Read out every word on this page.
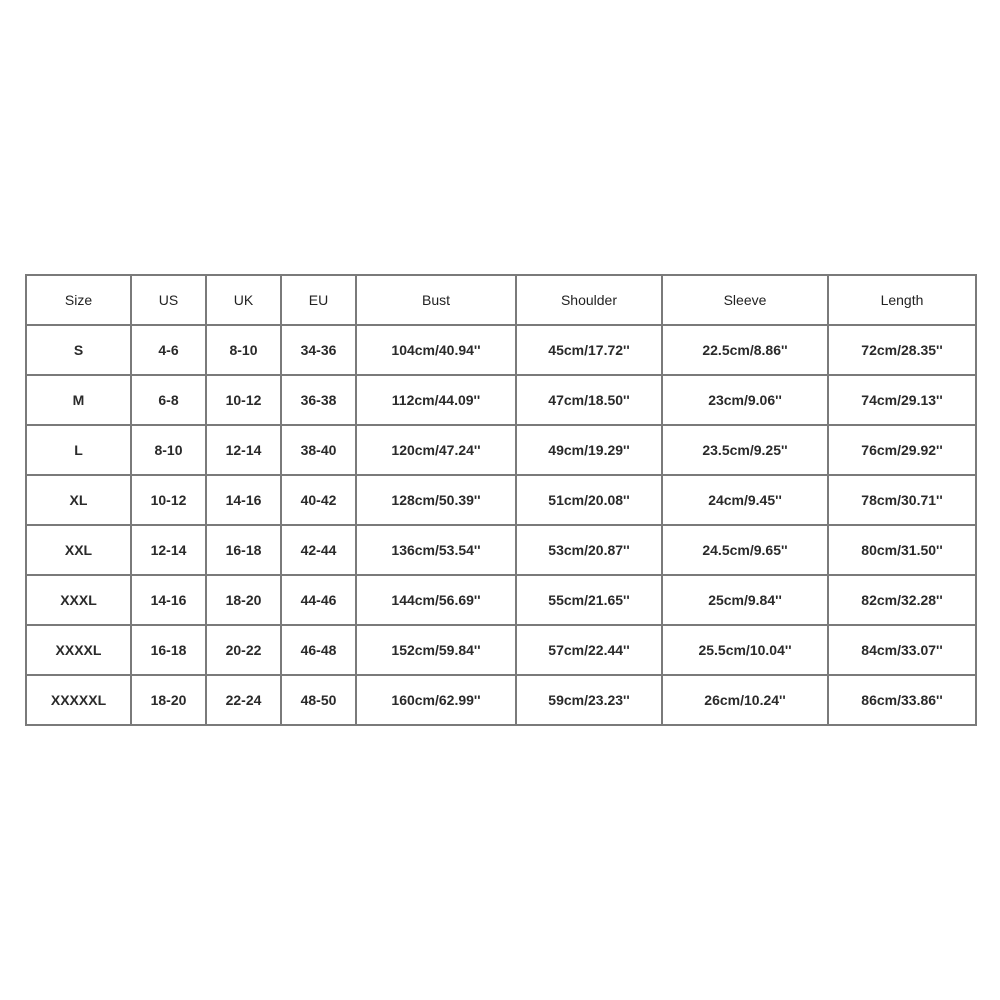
Size	US	UK	EU	Bust	Shoulder	Sleeve	Length
S	4-6	8-10	34-36	104cm/40.94''	45cm/17.72''	22.5cm/8.86''	72cm/28.35''
M	6-8	10-12	36-38	112cm/44.09''	47cm/18.50''	23cm/9.06''	74cm/29.13''
L	8-10	12-14	38-40	120cm/47.24''	49cm/19.29''	23.5cm/9.25''	76cm/29.92''
XL	10-12	14-16	40-42	128cm/50.39''	51cm/20.08''	24cm/9.45''	78cm/30.71''
XXL	12-14	16-18	42-44	136cm/53.54''	53cm/20.87''	24.5cm/9.65''	80cm/31.50''
XXXL	14-16	18-20	44-46	144cm/56.69''	55cm/21.65''	25cm/9.84''	82cm/32.28''
XXXXL	16-18	20-22	46-48	152cm/59.84''	57cm/22.44''	25.5cm/10.04''	84cm/33.07''
XXXXXL	18-20	22-24	48-50	160cm/62.99''	59cm/23.23''	26cm/10.24''	86cm/33.86''
